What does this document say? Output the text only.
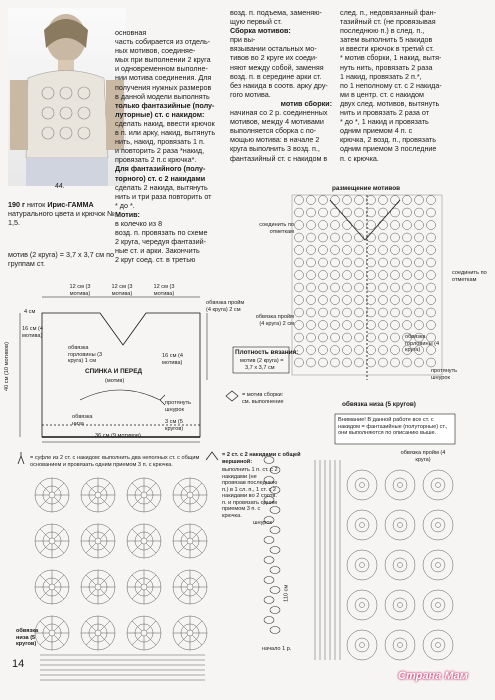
44.
190 г ниток Ирис-ГАММА натурального цвета и крючок № 1,5.
мотив (2 круга) = 3,7 х 3,7 см по группам ст.
основная
часть собирается из отдель-
ных мотивов, соединяе-
мых при выполнении 2 круга
и одновременном выполне-
нии мотива соединения. Для
получения нужных размеров
в данной модели выполнять
только фантазийные (полу-
луторные) ст. с накидом:
сделать накид, ввести крючок
в п. или арку, накид, вытянуть
нить, накид, провязать 1 п.
и повторить 2 раза *накид,
провязать 2 п.с крючка*.
Для фантазийного (полу-
торного) ст. с 2 накидами
сделать 2 накида, вытянуть
нить и три раза повторить от
* до *.
Мотив:
в колечко из 8
возд. п. провязать по схеме
2 круга, чередуя фантазий-
ные ст. и арки. Закончить
2 круг соед. ст. в третью
возд. п. подъема, заменяю-
щую первый ст.
Сборка мотивов:
при вы-
вязывании остальных мо-
тивов во 2 круге их соеди-
няют между собой, заменяя
возд. п. в середине арки ст.
без накида в соотв. арку дру-
гого мотива.
мотив сборки:
начиная со 2 р. соединенных
мотивов, между 4 мотивами
выполняется сборка с по-
мощью мотива: в начале 2
круга выполнить 3 возд. п.,
фантазийный ст. с накидом в
след. п., недовязанный фан-
тазийный ст. (не провязывая
последнюю п.) в след. п.,
затем выполнить 5 накидов
и ввести крючок в третий ст.
* мотив сборки, 1 накид, вытя-
нуть нить, провязать 2 раза
1 накид, провязать 2 п.*,
по 1 неполному ст. с 2 накида-
ми в центр. ст. с накидом
двух след. мотивов, вытянуть
нить и провязать 2 раза от
* до *, 1 накид и провязать
одним приемом 4 п. с
крючка, 2 возд. п., провязать
одним приемом 3 последние
п. с крючка.
размещение мотивов
соединить по отметкам
соединить по отметкам
обвязка пройм (4 круга) 2 см
обвязка горловины (4 круга)
протянуть шнурок
обвязка низа (5 кругов)
12 см (3 мотива)
12 см (3 мотива)
12 см (3 мотива)
4 см
16 см (4 мотива)
40 см (10 мотивов)
обвязка пройм (4 круга) 2 см
обвязка горловины (3 круга) 1 см
СПИНКА И ПЕРЕД
(мотив)
16 см (4 мотива)
протянуть шнурок
обвязка низа	3 см (5 кругов)
36 см (9 мотивов)
Плотность вязания:
мотив (2 круга) =
3,7 х 3,7 см
= мотив сборки: см. выполнение
Внимание! В данной работе все ст. с накидом = фантазийные (полуторные) ст., они выполняются по описанию выше.
= суфле из 2 ст. с накидом: выполнить два неполных ст. с общим основанием и провязать одним приемом 3 п. с крючка.
= 2 ст. с 2 накидами с общей вершиной:
выполнить 1 п. ст. с 2 накидами (не провязав последнюю п.) в 1 сл. п., 1 ст. с 2 накидами во 2 соотв. п. и провязать одним приемом 3 п. с крючка.
обвязка пройм (4 круга)
шнурок
110 см
начало 1 р.
обвязка низа (5 кругов)
14
Страна Мам
